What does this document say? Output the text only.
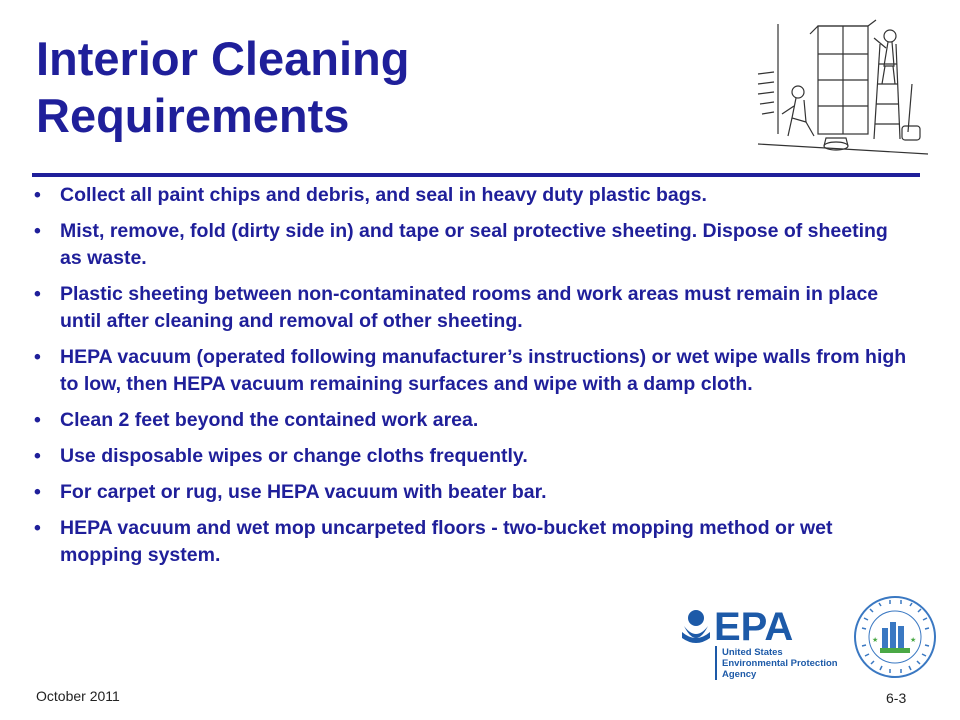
Interior Cleaning
Requirements
• Collect all paint chips and debris, and seal in heavy duty plastic bags.
• Mist, remove, fold (dirty side in) and tape or seal protective sheeting. Dispose of sheeting as waste.
• Plastic sheeting between non-contaminated rooms and work areas must remain in place until after cleaning and removal of other sheeting.
• HEPA vacuum (operated following manufacturer’s instructions) or wet wipe walls from high to low, then HEPA vacuum remaining surfaces and wipe with a damp cloth.
• Clean 2 feet beyond the contained work area.
• Use disposable wipes or change cloths frequently.
• For carpet or rug, use HEPA vacuum with beater bar.
• HEPA vacuum and wet mop uncarpeted floors - two-bucket mopping method or wet mopping system.
October 2011	6-3
EPA
United States
Environmental Protection
Agency
★	★
